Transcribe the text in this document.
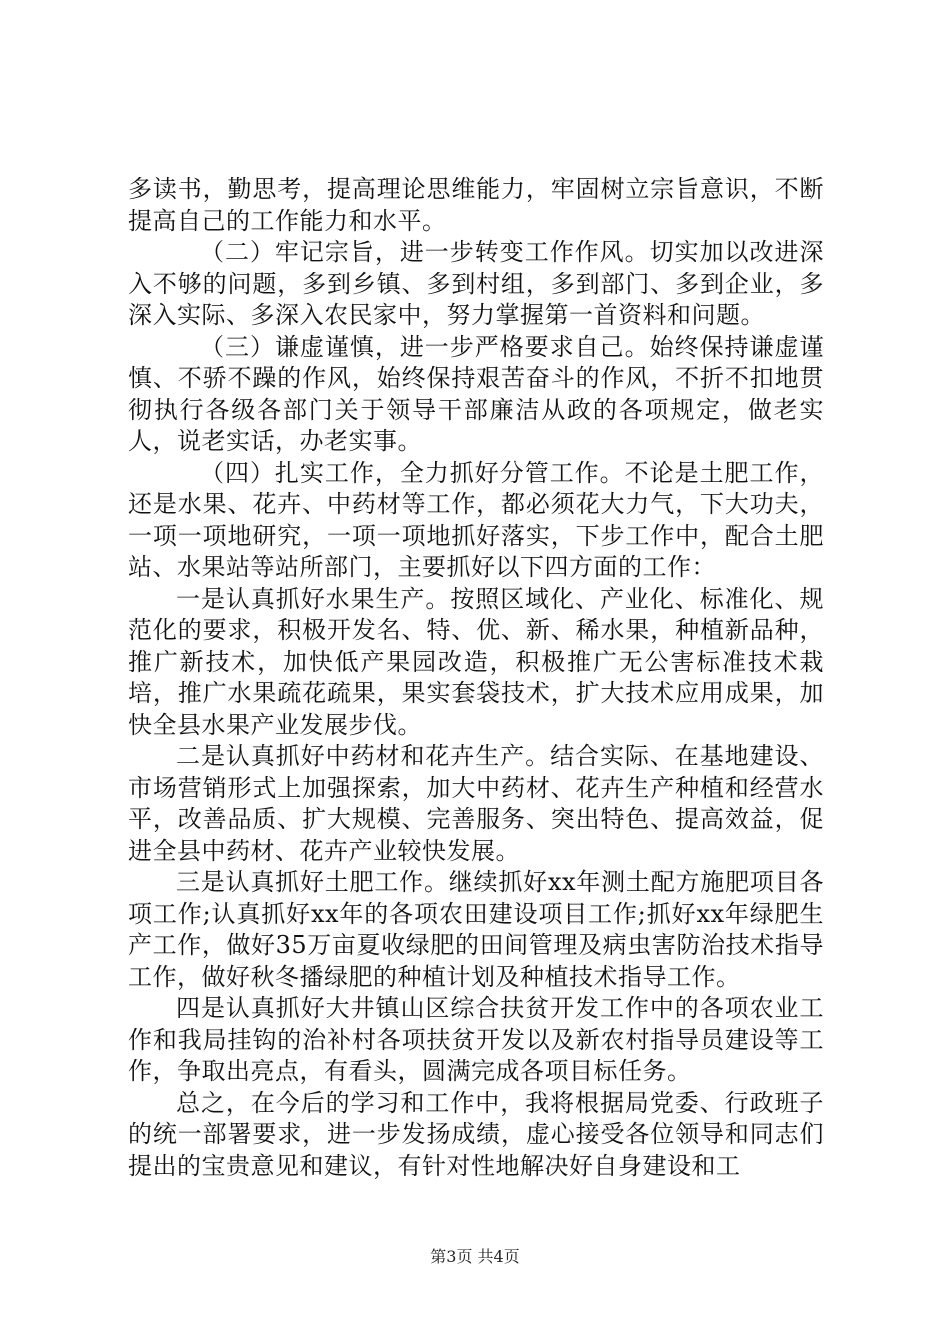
多读书，勤思考，提高理论思维能力，牢固树立宗旨意识，不断提高自己的工作能力和水平。

（二）牢记宗旨，进一步转变工作作风。切实加以改进深入不够的问题，多到乡镇、多到村组，多到部门、多到企业，多深入实际、多深入农民家中，努力掌握第一首资料和问题。

（三）谦虚谨慎，进一步严格要求自己。始终保持谦虚谨慎、不骄不躁的作风，始终保持艰苦奋斗的作风，不折不扣地贯彻执行各级各部门关于领导干部廉洁从政的各项规定，做老实人，说老实话，办老实事。

（四）扎实工作，全力抓好分管工作。不论是土肥工作，还是水果、花卉、中药材等工作，都必须花大力气，下大功夫，一项一项地研究，一项一项地抓好落实，下步工作中，配合土肥站、水果站等站所部门，主要抓好以下四方面的工作：

一是认真抓好水果生产。按照区域化、产业化、标准化、规范化的要求，积极开发名、特、优、新、稀水果，种植新品种，推广新技术，加快低产果园改造，积极推广无公害标准技术栽培，推广水果疏花疏果，果实套袋技术，扩大技术应用成果，加快全县水果产业发展步伐。

二是认真抓好中药材和花卉生产。结合实际、在基地建设、市场营销形式上加强探索，加大中药材、花卉生产种植和经营水平，改善品质、扩大规模、完善服务、突出特色、提高效益，促进全县中药材、花卉产业较快发展。

三是认真抓好土肥工作。继续抓好xx年测土配方施肥项目各项工作;认真抓好xx年的各项农田建设项目工作;抓好xx年绿肥生产工作，做好35万亩夏收绿肥的田间管理及病虫害防治技术指导工作，做好秋冬播绿肥的种植计划及种植技术指导工作。

四是认真抓好大井镇山区综合扶贫开发工作中的各项农业工作和我局挂钩的治补村各项扶贫开发以及新农村指导员建设等工作，争取出亮点，有看头，圆满完成各项目标任务。

总之，在今后的学习和工作中，我将根据局党委、行政班子的统一部署要求，进一步发扬成绩，虚心接受各位领导和同志们提出的宝贵意见和建议，有针对性地解决好自身建设和工

第3页 共4页
